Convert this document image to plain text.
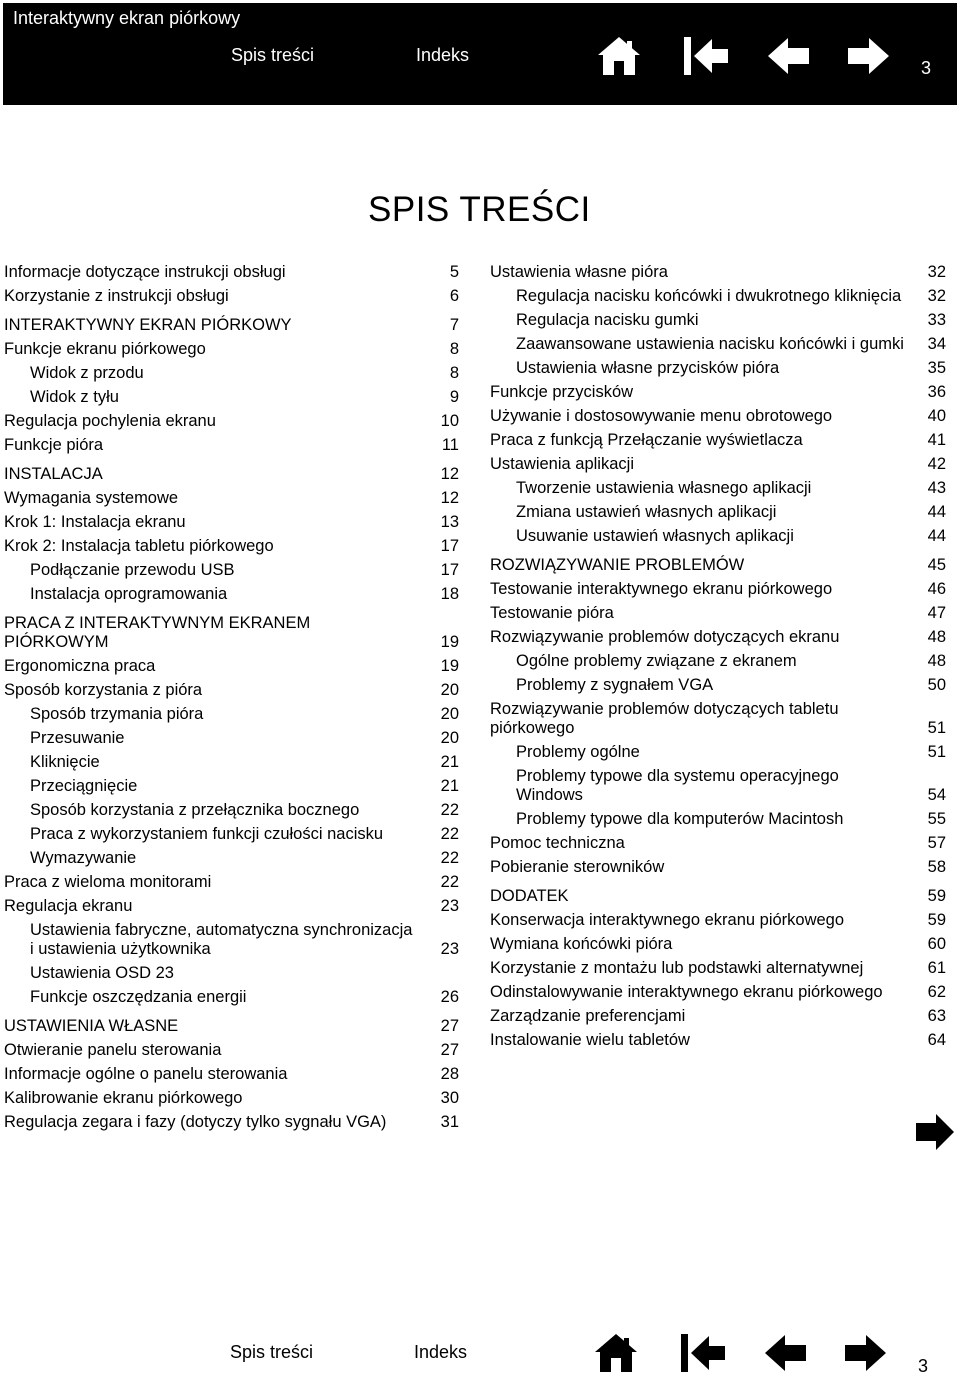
Interaktywny ekran piórkowy
Spis treści	Indeks
3
SPIS TREŚCI
Informacje dotyczące instrukcji obsługi	5
Korzystanie z instrukcji obsługi	6
INTERAKTYWNY EKRAN PIÓRKOWY	7
Funkcje ekranu piórkowego	8
Widok z przodu	8
Widok z tyłu	9
Regulacja pochylenia ekranu	10
Funkcje pióra	11
INSTALACJA	12
Wymagania systemowe	12
Krok 1: Instalacja ekranu	13
Krok 2: Instalacja tabletu piórkowego	17
Podłączanie przewodu USB	17
Instalacja oprogramowania	18
PRACA Z INTERAKTYWNYM EKRANEM PIÓRKOWYM	19
Ergonomiczna praca	19
Sposób korzystania z pióra	20
Sposób trzymania pióra	20
Przesuwanie	20
Kliknięcie	21
Przeciągnięcie	21
Sposób korzystania z przełącznika bocznego	22
Praca z wykorzystaniem funkcji czułości nacisku	22
Wymazywanie	22
Praca z wieloma monitorami	22
Regulacja ekranu	23
Ustawienia fabryczne, automatyczna synchronizacja i ustawienia użytkownika	23
Ustawienia OSD 23
Funkcje oszczędzania energii	26
USTAWIENIA WŁASNE	27
Otwieranie panelu sterowania	27
Informacje ogólne o panelu sterowania	28
Kalibrowanie ekranu piórkowego	30
Regulacja zegara i fazy (dotyczy tylko sygnału VGA)	31
Ustawienia własne pióra	32
Regulacja nacisku końcówki i dwukrotnego kliknięcia	32
Regulacja nacisku gumki	33
Zaawansowane ustawienia nacisku końcówki i gumki	34
Ustawienia własne przycisków pióra	35
Funkcje przycisków	36
Używanie i dostosowywanie menu obrotowego	40
Praca z funkcją Przełączanie wyświetlacza	41
Ustawienia aplikacji	42
Tworzenie ustawienia własnego aplikacji	43
Zmiana ustawień własnych aplikacji	44
Usuwanie ustawień własnych aplikacji	44
ROZWIĄZYWANIE PROBLEMÓW	45
Testowanie interaktywnego ekranu piórkowego	46
Testowanie pióra	47
Rozwiązywanie problemów dotyczących ekranu	48
Ogólne problemy związane z ekranem	48
Problemy z sygnałem VGA	50
Rozwiązywanie problemów dotyczących tabletu piórkowego	51
Problemy ogólne	51
Problemy typowe dla systemu operacyjnego Windows	54
Problemy typowe dla komputerów Macintosh	55
Pomoc techniczna	57
Pobieranie sterowników	58
DODATEK	59
Konserwacja interaktywnego ekranu piórkowego	59
Wymiana końcówki pióra	60
Korzystanie z montażu lub podstawki alternatywnej	61
Odinstalowywanie interaktywnego ekranu piórkowego	62
Zarządzanie preferencjami	63
Instalowanie wielu tabletów	64
Spis treści	Indeks
3
